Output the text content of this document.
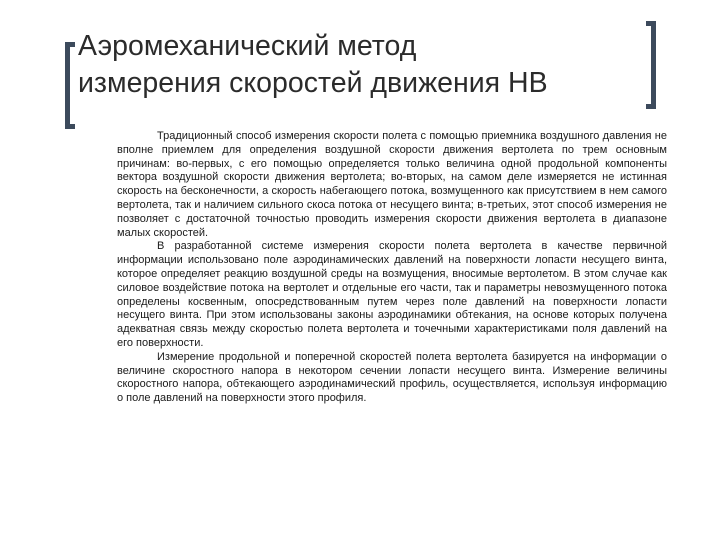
Аэромеханический метод
измерения скоростей движения НВ

Традиционный способ измерения скорости полета с помощью приемника воздушного давления не вполне приемлем для определения воздушной скорости движения вертолета по трем основным причинам: во-первых, с его помощью определяется только величина одной продольной компоненты вектора воздушной скорости движения вертолета; во-вторых, на самом деле измеряется не истинная скорость на бесконечности, а скорость набегающего потока, возмущенного как присутствием в нем самого вертолета, так и наличием сильного скоса потока от несущего винта; в-третьих, этот способ измерения не позволяет с достаточной точностью проводить измерения скорости движения вертолета в диапазоне малых скоростей.

В разработанной системе измерения скорости полета вертолета в качестве первичной информации использовано поле аэродинамических давлений на поверхности лопасти несущего винта, которое определяет реакцию воздушной среды на возмущения, вносимые вертолетом. В этом случае как силовое воздействие потока на вертолет и отдельные его части, так и параметры невозмущенного потока определены косвенным, опосредствованным путем через поле давлений на поверхности лопасти несущего винта. При этом использованы законы аэродинамики обтекания, на основе которых получена адекватная связь между скоростью полета вертолета и точечными характеристиками поля давлений на его поверхности.

Измерение продольной и поперечной скоростей полета вертолета базируется на информации о величине скоростного напора в некотором сечении лопасти несущего винта. Измерение величины скоростного напора, обтекающего аэродинамический профиль, осуществляется, используя информацию о поле давлений на поверхности этого профиля.
